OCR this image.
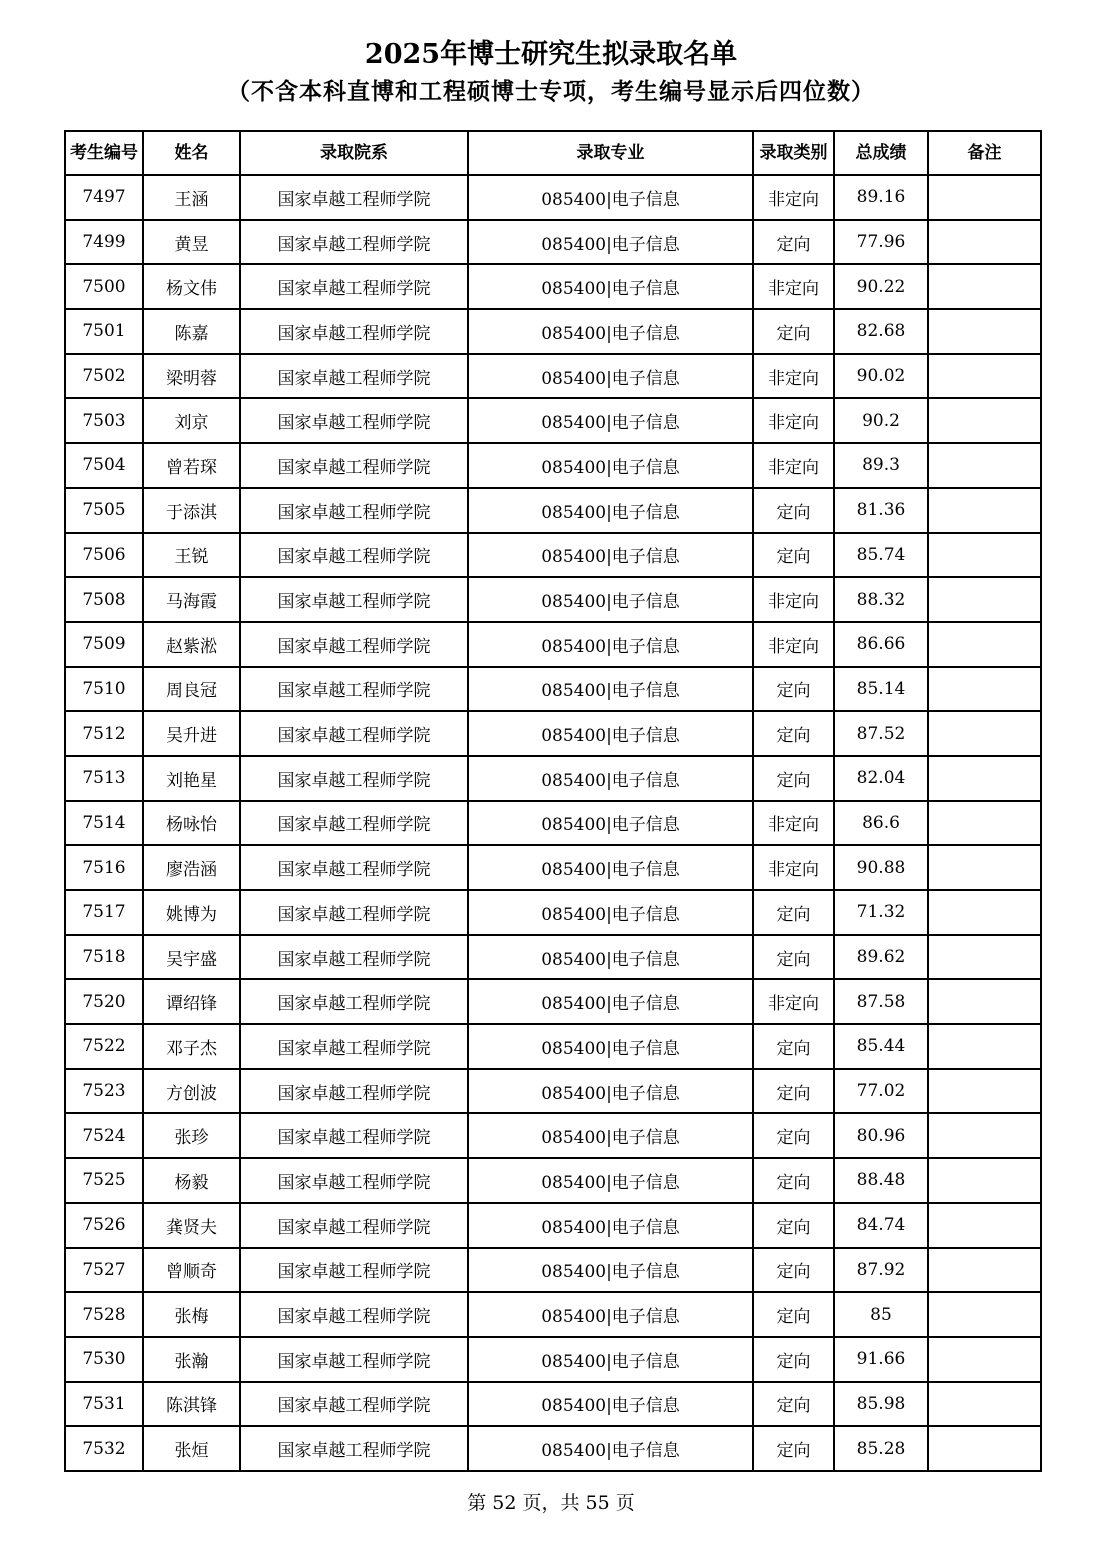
2025年博士研究生拟录取名单
（不含本科直博和工程硕博士专项，考生编号显示后四位数）
考生编号	姓名	录取院系	录取专业	录取类别	总成绩	备注
7497	王涵	国家卓越工程师学院	085400|电子信息	非定向	89.16	
7499	黄昱	国家卓越工程师学院	085400|电子信息	定向	77.96	
7500	杨文伟	国家卓越工程师学院	085400|电子信息	非定向	90.22	
7501	陈嘉	国家卓越工程师学院	085400|电子信息	定向	82.68	
7502	梁明蓉	国家卓越工程师学院	085400|电子信息	非定向	90.02	
7503	刘京	国家卓越工程师学院	085400|电子信息	非定向	90.2	
7504	曾若琛	国家卓越工程师学院	085400|电子信息	非定向	89.3	
7505	于添淇	国家卓越工程师学院	085400|电子信息	定向	81.36	
7506	王锐	国家卓越工程师学院	085400|电子信息	定向	85.74	
7508	马海霞	国家卓越工程师学院	085400|电子信息	非定向	88.32	
7509	赵紫淞	国家卓越工程师学院	085400|电子信息	非定向	86.66	
7510	周良冠	国家卓越工程师学院	085400|电子信息	定向	85.14	
7512	吴升进	国家卓越工程师学院	085400|电子信息	定向	87.52	
7513	刘艳星	国家卓越工程师学院	085400|电子信息	定向	82.04	
7514	杨咏怡	国家卓越工程师学院	085400|电子信息	非定向	86.6	
7516	廖浩涵	国家卓越工程师学院	085400|电子信息	非定向	90.88	
7517	姚博为	国家卓越工程师学院	085400|电子信息	定向	71.32	
7518	吴宇盛	国家卓越工程师学院	085400|电子信息	定向	89.62	
7520	谭绍锋	国家卓越工程师学院	085400|电子信息	非定向	87.58	
7522	邓子杰	国家卓越工程师学院	085400|电子信息	定向	85.44	
7523	方创波	国家卓越工程师学院	085400|电子信息	定向	77.02	
7524	张珍	国家卓越工程师学院	085400|电子信息	定向	80.96	
7525	杨毅	国家卓越工程师学院	085400|电子信息	定向	88.48	
7526	龚贤夫	国家卓越工程师学院	085400|电子信息	定向	84.74	
7527	曾顺奇	国家卓越工程师学院	085400|电子信息	定向	87.92	
7528	张梅	国家卓越工程师学院	085400|电子信息	定向	85	
7530	张瀚	国家卓越工程师学院	085400|电子信息	定向	91.66	
7531	陈淇锋	国家卓越工程师学院	085400|电子信息	定向	85.98	
7532	张烜	国家卓越工程师学院	085400|电子信息	定向	85.28	
第 52 页，共 55 页
